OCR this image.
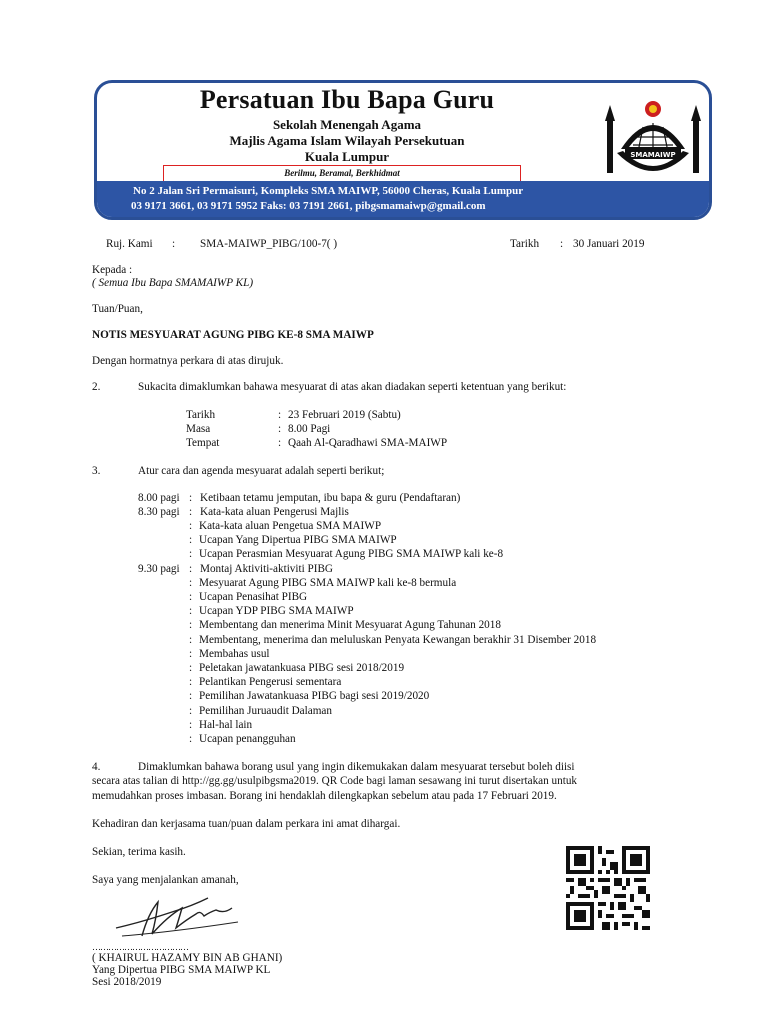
Persatuan Ibu Bapa Guru
Sekolah Menengah Agama
Majlis Agama Islam Wilayah Persekutuan
Kuala Lumpur
Berilmu, Beramal, Berkhidmat
SMAMAIWP
No 2 Jalan Sri Permaisuri, Kompleks SMA MAIWP, 56000 Cheras, Kuala Lumpur
03 9171 3661, 03 9171 5952 Faks: 03 7191 2661, pibgsmamaiwp@gmail.com
Ruj. Kami : SMA-MAIWP_PIBG/100-7( )	Tarikh : 30 Januari 2019
Kepada :
( Semua Ibu Bapa SMAMAIWP KL)
Tuan/Puan,
NOTIS MESYUARAT AGUNG PIBG KE-8 SMA MAIWP
Dengan hormatnya perkara di atas dirujuk.
2.	Sukacita dimaklumkan bahawa mesyuarat di atas akan diadakan seperti ketentuan yang berikut:
Tarikh	: 23 Februari 2019 (Sabtu)
Masa	: 8.00 Pagi
Tempat	: Qaah Al-Qaradhawi SMA-MAIWP
3.	Atur cara dan agenda mesyuarat adalah seperti berikut;
8.00 pagi : Ketibaan tetamu jemputan, ibu bapa & guru (Pendaftaran)
8.30 pagi : Kata-kata aluan Pengerusi Majlis
: Kata-kata aluan Pengetua SMA MAIWP
: Ucapan Yang Dipertua PIBG SMA MAIWP
: Ucapan Perasmian Mesyuarat Agung PIBG SMA MAIWP kali ke-8
9.30 pagi : Montaj Aktiviti-aktiviti PIBG
: Mesyuarat Agung PIBG SMA MAIWP kali ke-8 bermula
: Ucapan Penasihat PIBG
: Ucapan YDP PIBG SMA MAIWP
: Membentang dan menerima Minit Mesyuarat Agung Tahunan 2018
: Membentang, menerima dan meluluskan Penyata Kewangan berakhir 31 Disember 2018
: Membahas usul
: Peletakan jawatankuasa PIBG sesi 2018/2019
: Pelantikan Pengerusi sementara
: Pemilihan Jawatankuasa PIBG bagi sesi 2019/2020
: Pemilihan Juruaudit Dalaman
: Hal-hal lain
: Ucapan penangguhan
4.	Dimaklumkan bahawa borang usul yang ingin dikemukakan dalam mesyuarat tersebut boleh diisi
secara atas talian di http://gg.gg/usulpibgsma2019. QR Code bagi laman sesawang ini turut disertakan untuk
memudahkan proses imbasan. Borang ini hendaklah dilengkapkan sebelum atau pada 17 Februari 2019.
Kehadiran dan kerjasama tuan/puan dalam perkara ini amat dihargai.
Sekian, terima kasih.
Saya yang menjalankan amanah,
………………………………
( KHAIRUL HAZAMY BIN AB GHANI)
Yang Dipertua PIBG SMA MAIWP KL
Sesi 2018/2019
